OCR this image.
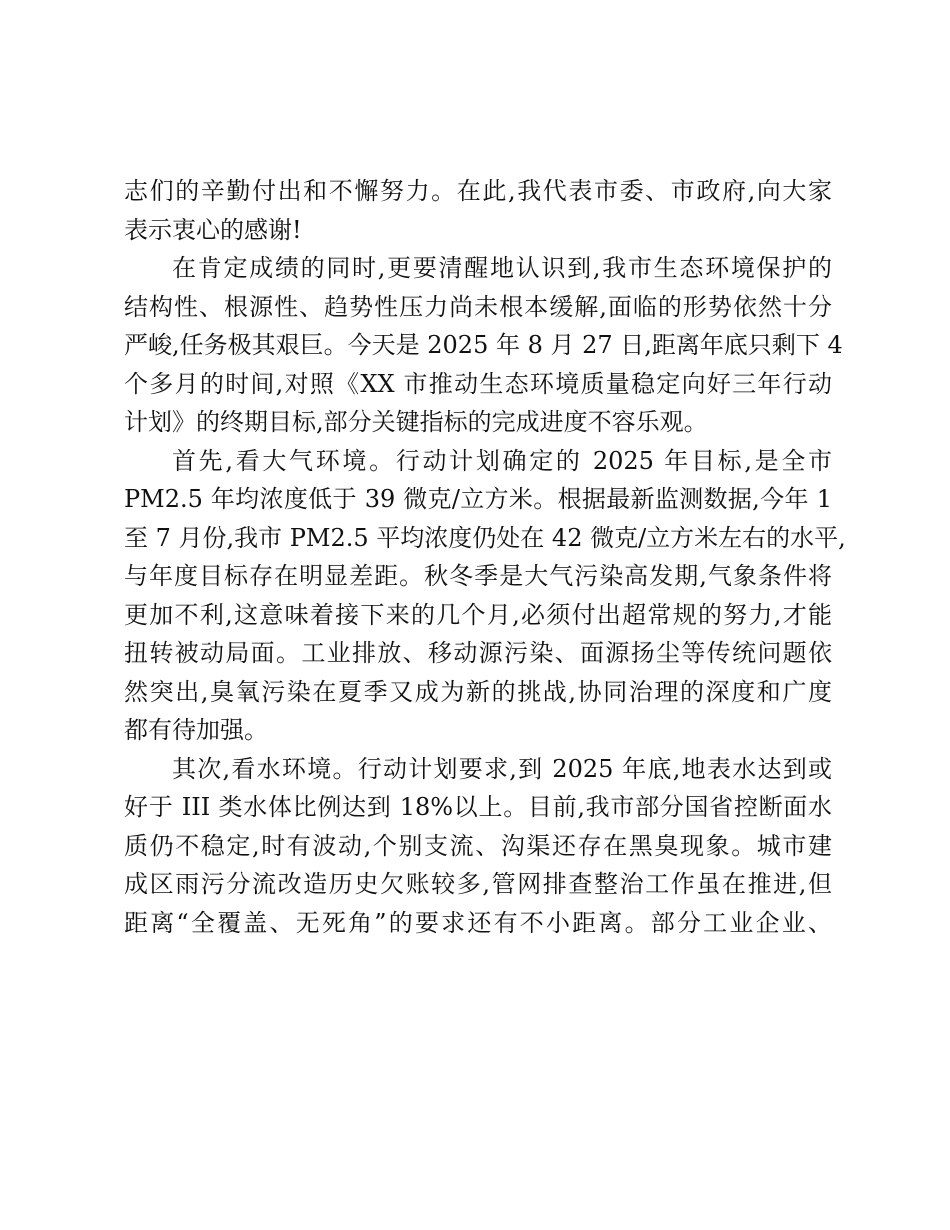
志们的辛勤付出和不懈努力。在此,我代表市委、市政府,向大家
表示衷心的感谢!
在肯定成绩的同时,更要清醒地认识到,我市生态环境保护的
结构性、根源性、趋势性压力尚未根本缓解,面临的形势依然十分
严峻,任务极其艰巨。今天是 2025 年 8 月 27 日,距离年底只剩下 4
个多月的时间,对照《XX 市推动生态环境质量稳定向好三年行动
计划》的终期目标,部分关键指标的完成进度不容乐观。
首先,看大气环境。行动计划确定的 2025 年目标,是全市
PM2.5 年均浓度低于 39 微克/立方米。根据最新监测数据,今年 1
至 7 月份,我市 PM2.5 平均浓度仍处在 42 微克/立方米左右的水平,
与年度目标存在明显差距。秋冬季是大气污染高发期,气象条件将
更加不利,这意味着接下来的几个月,必须付出超常规的努力,才能
扭转被动局面。工业排放、移动源污染、面源扬尘等传统问题依
然突出,臭氧污染在夏季又成为新的挑战,协同治理的深度和广度
都有待加强。
其次,看水环境。行动计划要求,到 2025 年底,地表水达到或
好于 III 类水体比例达到 18%以上。目前,我市部分国省控断面水
质仍不稳定,时有波动,个别支流、沟渠还存在黑臭现象。城市建
成区雨污分流改造历史欠账较多,管网排查整治工作虽在推进,但
距离“全覆盖、无死角”的要求还有不小距离。部分工业企业、
